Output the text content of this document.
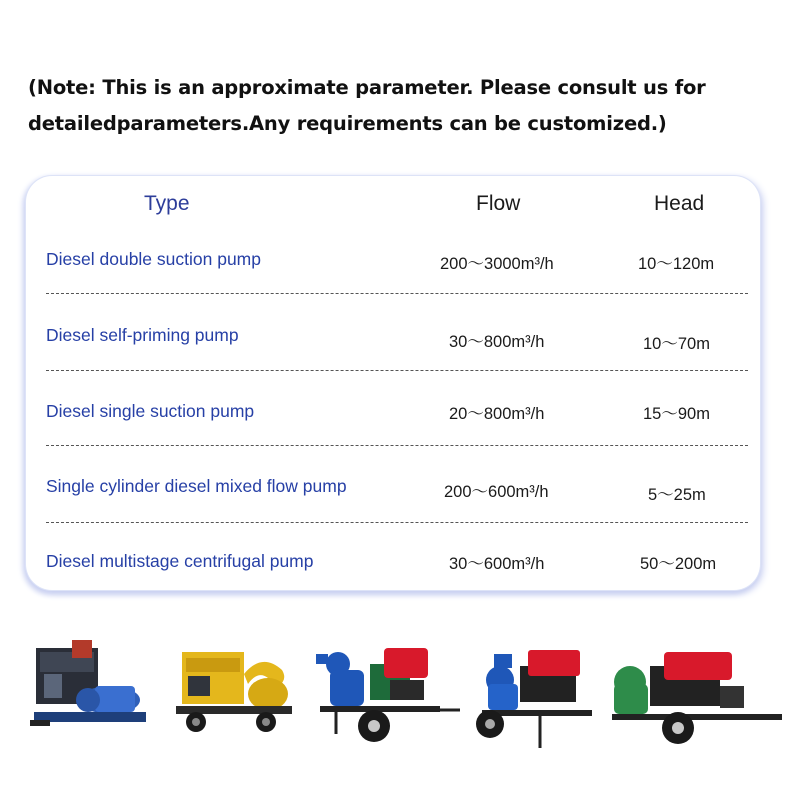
(Note: This is an approximate parameter. Please consult us for
detailedparameters.Any requirements can be customized.)
Type	Flow	Head
Diesel double suction pump	200～3000m³/h	10～120m
Diesel self-priming pump	30～800m³/h	10～70m
Diesel single suction pump	20～800m³/h	15～90m
Single cylinder diesel mixed flow pump	200～600m³/h	5～25m
Diesel multistage centrifugal pump	30～600m³/h	50～200m
